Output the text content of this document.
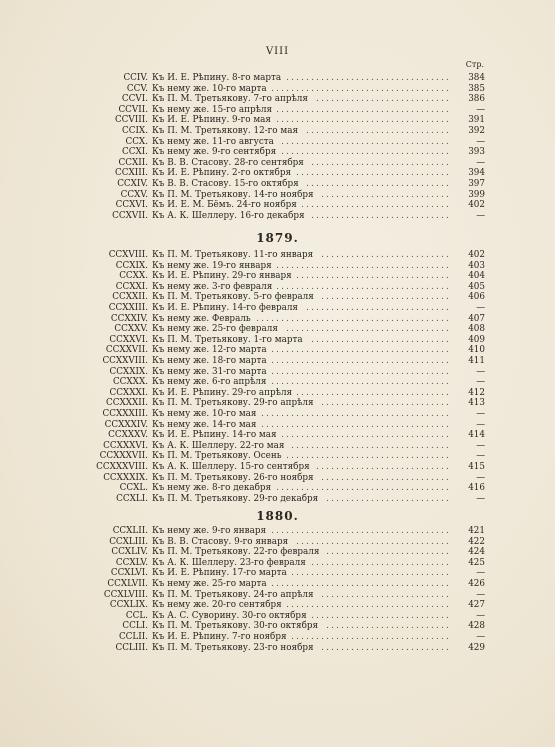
VIII
Стр.
CCIV. Къ И. Е. Рѣпину. 8-го марта .................................	384
CCV. Къ нему же. 10-го марта ....................................	385
CCVI. Къ П. М. Третьякову. 7-го апрѣля ...........................	386
CCVII. Къ нему же. 15-го апрѣля ...................................	—
CCVIII. Къ И. Е. Рѣпину. 9-го мая ...................................	391
CCIX. Къ П. М. Третьякову. 12-го мая .............................	392
CCX. Къ нему же. 11-го августа ..................................	—
CCXI. Къ нему же. 9-го сентября ..................................	393
CCXII. Къ В. В. Стасову. 28-го сентября ............................	—
CCXIII. Къ И. Е. Рѣпину. 2-го октября ...............................	394
CCXIV. Къ В. В. Стасову. 15-го октября .............................	397
CCXV. Къ П. М. Третьякову. 14-го ноября ..........................	399
CCXVI. Къ И. Е. М. Бёмъ. 24-го ноября ..............................	402
CCXVII. Къ А. К. Шеллеру. 16-го декабря ............................	—
1879.
CCXVIII. Къ П. М. Третьякову. 11-го января ..........................	402
CCXIX. Къ нему же. 19-го января ...................................	403
CCXX. Къ И. Е. Рѣпину. 29-го января ...............................	404
CCXXI. Къ нему же. 3-го февраля ...................................	405
CCXXII. Къ П. М. Третьякову. 5-го февраля ..........................	406
CCXXIII. Къ И. Е. Рѣпину. 14-го февраля .............................	—
CCXXIV. Къ нему же. Февраль .......................................	407
CCXXV. Къ нему же. 25-го февраля .................................	408
CCXXVI. Къ П. М. Третьякову. 1-го марта ............................	409
CCXXVII. Къ нему же. 12-го марта ....................................	410
CCXXVIII. Къ нему же. 18-го марта ....................................	411
CCXXIX. Къ нему же. 31-го марта ....................................	—
CCXXX. Къ нему же. 6-го апрѣля ....................................	—
CCXXXI. Къ И. Е. Рѣпину. 29-го апрѣля ...............................	412
CCXXXII. Къ П. М. Третьякову. 29-го апрѣля ..........................	413
CCXXXIII. Къ нему же. 10-го мая ......................................	—
CCXXXIV. Къ нему же. 14-го мая ......................................	—
CCXXXV. Къ И. Е. Рѣпину. 14-го мая ..................................	414
CCXXXVI. Къ А. К. Шеллеру. 22-го мая ................................	—
CCXXXVII. Къ П. М. Третьякову. Осень .................................	—
CCXXXVIII. Къ А. К. Шеллеру. 15-го сентября ...........................	415
CCXXXIX. Къ П. М. Третьякову. 26-го ноября ..........................	—
CCXL. Къ нему же. 8-го декабря ...................................	416
CCXLI. Къ П. М. Третьякову. 29-го декабря .........................	—
1880.
CCXLII. Къ нему же. 9-го января ....................................	421
CCXLIII. Къ В. В. Стасову. 9-го января ...............................	422
CCXLIV. Къ П. М. Третьякову. 22-го февраля .........................	424
CCXLV. Къ А. К. Шеллеру. 23-го февраля ............................	425
CCXLVI. Къ И. Е. Рѣпину. 17-го марта ................................	—
CCXLVII. Къ нему же. 25-го марта ....................................	426
CCXLVIII. Къ П. М. Третьякову. 24-го апрѣля ..........................	—
CCXLIX. Къ нему же. 20-го сентября .................................	427
CCL. Къ А. С. Суворину. 30-го октября ............................	—
CCLI. Къ П. М. Третьякову. 30-го октября .........................	428
CCLII. Къ И. Е. Рѣпину. 7-го ноября ................................	—
CCLIII. Къ П. М. Третьякову. 23-го ноября ..........................	429
